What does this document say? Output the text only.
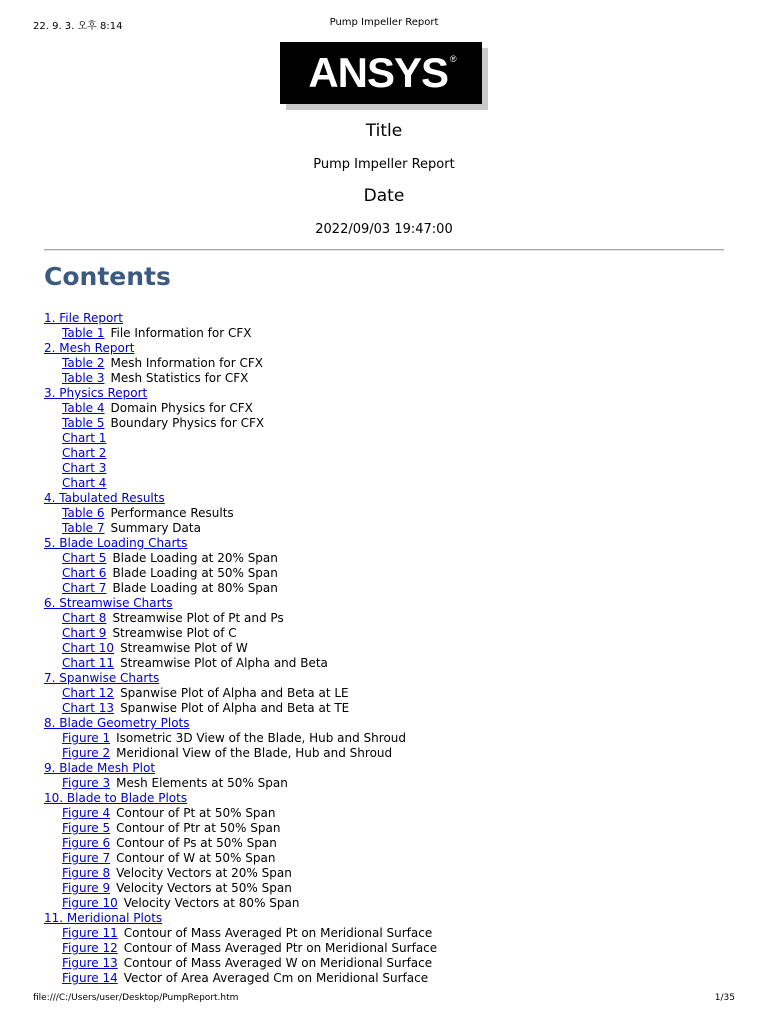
22. 9. 3. 오후 8:14	Pump Impeller Report
ANSYS ®
Title
Pump Impeller Report
Date
2022/09/03 19:47:00
Contents
1. File Report
Table 1 File Information for CFX
2. Mesh Report
Table 2 Mesh Information for CFX
Table 3 Mesh Statistics for CFX
3. Physics Report
Table 4 Domain Physics for CFX
Table 5 Boundary Physics for CFX
Chart 1
Chart 2
Chart 3
Chart 4
4. Tabulated Results
Table 6 Performance Results
Table 7 Summary Data
5. Blade Loading Charts
Chart 5 Blade Loading at 20% Span
Chart 6 Blade Loading at 50% Span
Chart 7 Blade Loading at 80% Span
6. Streamwise Charts
Chart 8 Streamwise Plot of Pt and Ps
Chart 9 Streamwise Plot of C
Chart 10 Streamwise Plot of W
Chart 11 Streamwise Plot of Alpha and Beta
7. Spanwise Charts
Chart 12 Spanwise Plot of Alpha and Beta at LE
Chart 13 Spanwise Plot of Alpha and Beta at TE
8. Blade Geometry Plots
Figure 1 Isometric 3D View of the Blade, Hub and Shroud
Figure 2 Meridional View of the Blade, Hub and Shroud
9. Blade Mesh Plot
Figure 3 Mesh Elements at 50% Span
10. Blade to Blade Plots
Figure 4 Contour of Pt at 50% Span
Figure 5 Contour of Ptr at 50% Span
Figure 6 Contour of Ps at 50% Span
Figure 7 Contour of W at 50% Span
Figure 8 Velocity Vectors at 20% Span
Figure 9 Velocity Vectors at 50% Span
Figure 10 Velocity Vectors at 80% Span
11. Meridional Plots
Figure 11 Contour of Mass Averaged Pt on Meridional Surface
Figure 12 Contour of Mass Averaged Ptr on Meridional Surface
Figure 13 Contour of Mass Averaged W on Meridional Surface
Figure 14 Vector of Area Averaged Cm on Meridional Surface
file:///C:/Users/user/Desktop/PumpReport.htm	1/35
